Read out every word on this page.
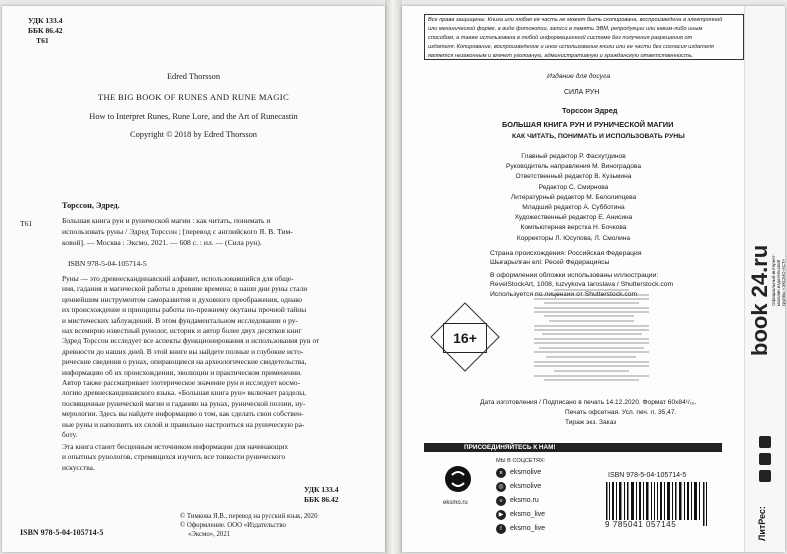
УДК 133.4
ББК 86.42
Т61
Edred Thorsson
THE BIG BOOK OF RUNES AND RUNE MAGIC
How to Interpret Runes, Rune Lore, and the Art of Runecastin
Copyright © 2018 by Edred Thorsson
Торссон, Эдред.
Т61	Большая книга рун и рунической магии : как читать, понимать и
использовать руны / Эдред Торссон ; [перевод с английского Я. В. Тим-
ковой]. — Москва : Эксмо, 2021. — 608 с. : ил. — (Сила рун).
ISBN 978-5-04-105714-5
Руны — это древнескандинавский алфавит, использовавшийся для обще-
ния, гадания и магической работы в древние времена; в наши дни руны стали
ценнейшим инструментом саморазвития и духовного преображения, однако
их происхождение и принципы работы по-прежнему окутаны прочной тайны
и мистических заблуждений. В этом фундаментальном исследовании о ру-
нах всемирно известный рунолог, историк и автор более двух десятков книг
Эдред Торссон исследует все аспекты функционирования и использования рун от
древности до наших дней. В этой книге вы найдете полные и глубокие исто-
рические сведения о рунах, опирающиеся на археологические свидетельства,
информацию об их происхождении, эволюции и практическом применении.
Автор также рассматривает эзотерическое значение рун и исследует космо-
логию древнескандинавского языка. «Большая книга рун» включает разделы,
посвященные рунической магии и гаданию на рунах, рунической поэзии, ну-
мерологии. Здесь вы найдете информацию о том, как сделать свои собствен-
ные руны и наполнить их силой и правильно настроиться на руническую ра-
боту.
Эта книга станет бесценным источником информации для начинающих
и опытных рунологов, стремящихся изучить все тонкости рунического
искусства.
УДК 133.4
ББК 86.42
ISBN 978-5-04-105714-5
© Тимкова Я.В., перевод на русский язык, 2020
© Оформление. ООО «Издательство
«Эксмо», 2021
Все права защищены. Книга или любая ее часть не может быть скопирована, воспроизведена в электронной
или механической форме, в виде фотокопии, записи в память ЭВМ, репродукции или каким-либо иным
способом, а также использована в любой информационной системе без получения разрешения от
издателя. Копирование, воспроизведение и иное использование книги или ее части без согласия издателя
является незаконным и влечет уголовную, административную и гражданскую ответственность.
Издание для досуга
СИЛА РУН
Торссон Эдред
БОЛЬШАЯ КНИГА РУН И РУНИЧЕСКОЙ МАГИИ
КАК ЧИТАТЬ, ПОНИМАТЬ И ИСПОЛЬЗОВАТЬ РУНЫ
Главный редактор Р. Фасхутдинов
Руководитель направления М. Виноградова
Ответственный редактор В. Кузьмина
Редактор С. Смирнова
Литературный редактор М. Белолипцева
Младший редактор А. Субботина
Художественный редактор Е. Анисина
Компьютерная верстка Н. Бочкова
Корректоры Л. Юсупова, Л. Смолина
Страна происхождения: Российская Федерация
Шығарылған елі: Ресей Федерациясы
В оформлении обложки использованы иллюстрации:
RevelStockArt, 1008, luzvykova Iaroslava / Shutterstock.com
Используется по лицензии от Shutterstock.com
16+
Дата изготовления / Подписано в печать 14.12.2020. Формат 60x84¹/₁₆.
Печать офсетная. Усл. печ. л. 35,47.
Тираж экз. Заказ
ПРИСОЕДИНЯЙТЕСЬ К НАМ!
eksmo.ru
МЫ В СОЦСЕТЯХ:
в	eksmolive
◎ eksmolive
о	eksmo.ru
▶ eksmo_live
f	eksmo_live
ISBN 978-5-04-105714-5
9 785041 057145
book 24.ru Официальный интернет-магазин издательской группы «ЭКСМО-АСТ»
ЛитРес:
